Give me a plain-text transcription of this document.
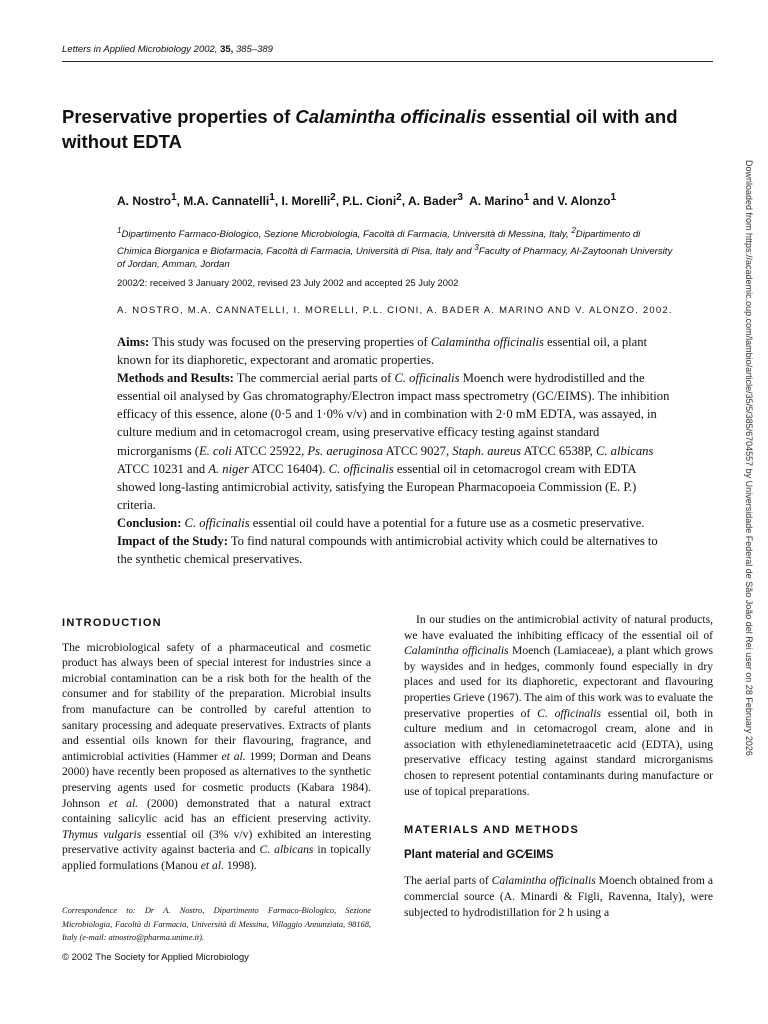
Letters in Applied Microbiology 2002, 35, 385–389
Preservative properties of Calamintha officinalis essential oil with and without EDTA
A. Nostro$^1$, M.A. Cannatelli$^1$, I. Morelli$^2$, P.L. Cioni$^2$, A. Bader$^3$  A. Marino$^1$ and V. Alonzo$^1$
$^1$Dipartimento Farmaco-Biologico, Sezione Microbiologia, Facoltà di Farmacia, Università di Messina, Italy, $^2$Dipartimento di Chimica Biorganica e Biofarmacia, Facoltà di Farmacia, Università di Pisa, Italy and $^3$Faculty of Pharmacy, Al-Zaytoonah University of Jordan, Amman, Jordan
2002⁄2: received 3 January 2002, revised 23 July 2002 and accepted 25 July 2002
A. NOSTRO, M.A. CANNATELLI, I. MORELLI, P.L. CIONI, A. BADER A. MARINO AND V. ALONZO. 2002.

Aims: This study was focused on the preserving properties of Calamintha officinalis essential oil, a plant known for its diaphoretic, expectorant and aromatic properties.

Methods and Results: The commercial aerial parts of C. officinalis Moench were hydrodistilled and the essential oil analysed by Gas chromatography/Electron impact mass spectrometry (GC/EIMS). The inhibition efficacy of this essence, alone (0·5 and 1·0% v/v) and in combination with 2·0 mM EDTA, was assayed, in culture medium and in cetomacrogol cream, using preservative efficacy testing against standard microrganisms (E. coli ATCC 25922, Ps. aeruginosa ATCC 9027, Staph. aureus ATCC 6538P, C. albicans ATCC 10231 and A. niger ATCC 16404). C. officinalis essential oil in cetomacrogol cream with EDTA showed long-lasting antimicrobial activity, satisfying the European Pharmacopoeia Commission (E. P.) criteria.

Conclusion: C. officinalis essential oil could have a potential for a future use as a cosmetic preservative.

Impact of the Study: To find natural compounds with antimicrobial activity which could be alternatives to the synthetic chemical preservatives.

INTRODUCTION

The microbiological safety of a pharmaceutical and cosmetic product has always been of special interest for industries since a microbial contamination can be a risk both for the health of the consumer and for stability of the preparation. Microbial insults from manufacture can be controlled by careful attention to sanitary processing and adequate preservatives. Extracts of plants and essential oils known for their flavouring, fragrance, and antimicrobial activities (Hammer et al. 1999; Dorman and Deans 2000) have recently been proposed as alternatives to the synthetic preserving agents used for cosmetic products (Kabara 1984). Johnson et al. (2000) demonstrated that a natural extract containing salicylic acid has an efficient preserving activity. Thymus vulgaris essential oil (3% v/v) exhibited an interesting preservative activity against bacteria and C. albicans in topically applied formulations (Manou et al. 1998).

Correspondence to: Dr A. Nostro, Dipartimento Farmaco-Biologico, Sezione Microbiologia, Facoltà di Farmacia, Università di Messina, Villaggio Annunziata, 98168, Italy (e-mail: atnostro@pharma.unime.it).
© 2002 The Society for Applied Microbiology

In our studies on the antimicrobial activity of natural products, we have evaluated the inhibiting efficacy of the essential oil of Calamintha officinalis Moench (Lamiaceae), a plant which grows by waysides and in hedges, commonly found especially in dry places and used for its diaphoretic, expectorant and flavouring properties Grieve (1967). The aim of this work was to evaluate the preservative properties of C. officinalis essential oil, both in culture medium and in cetomacrogol cream, alone and in association with ethylenediaminetetraacetic acid (EDTA), using preservative efficacy testing against standard microrganisms chosen to represent potential contaminants during manufacture or use of topical preparations.

MATERIALS AND METHODS

Plant material and GC⁄EIMS

The aerial parts of Calamintha officinalis Moench obtained from a commercial source (A. Minardi & Figli, Ravenna, Italy), were subjected to hydrodistillation for 2 h using a

Downloaded from https://academic.oup.com/lambio/article/35/5/385/6704557 by Universidade Federal de São João del Rei user on 28 February 2026
